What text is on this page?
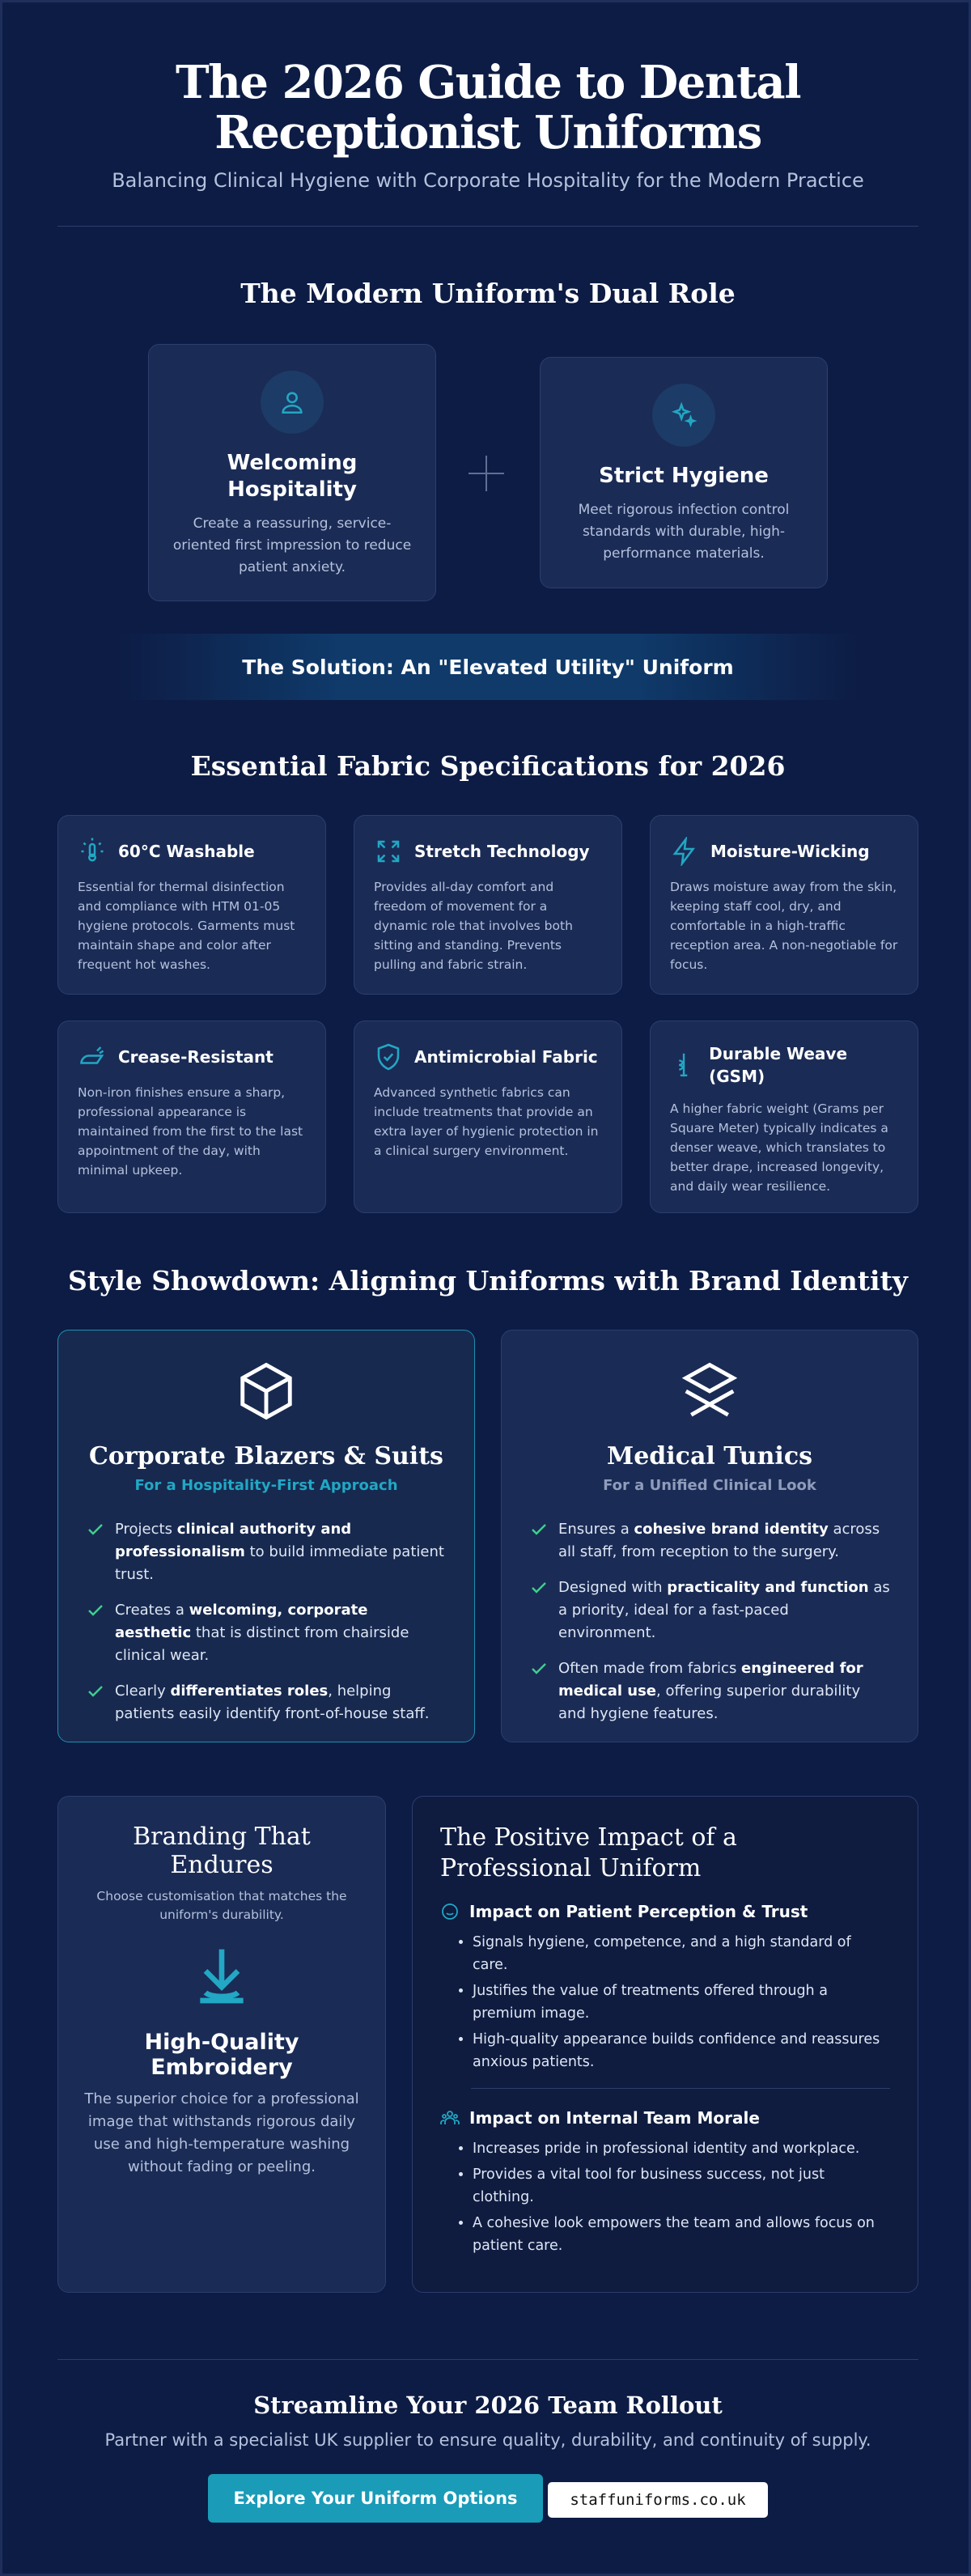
The 2026 Guide to Dental Receptionist Uniforms

Balancing Clinical Hygiene with Corporate Hospitality for the Modern Practice

The Modern Uniform's Dual Role
Welcoming Hospitality

Create a reassuring, service-oriented first impression to reduce patient anxiety.

Strict Hygiene

Meet rigorous infection control standards with durable, high-performance materials.

The Solution: An "Elevated Utility" Uniform
Essential Fabric Specifications for 2026
60°C Washable

Essential for thermal disinfection and compliance with HTM 01-05 hygiene protocols. Garments must maintain shape and color after frequent hot washes.

Stretch Technology

Provides all-day comfort and freedom of movement for a dynamic role that involves both sitting and standing. Prevents pulling and fabric strain.

Moisture-Wicking

Draws moisture away from the skin, keeping staff cool, dry, and comfortable in a high-traffic reception area. A non-negotiable for focus.

Crease-Resistant

Non-iron finishes ensure a sharp, professional appearance is maintained from the first to the last appointment of the day, with minimal upkeep.

Antimicrobial Fabric

Advanced synthetic fabrics can include treatments that provide an extra layer of hygienic protection in a clinical surgery environment.

Durable Weave (GSM)

A higher fabric weight (Grams per Square Meter) typically indicates a denser weave, which translates to better drape, increased longevity, and daily wear resilience.

Style Showdown: Aligning Uniforms with Brand Identity
Corporate Blazers & Suits
For a Hospitality-First Approach
Projects clinical authority and professionalism to build immediate patient trust.
Creates a welcoming, corporate aesthetic that is distinct from chairside clinical wear.
Clearly differentiates roles, helping patients easily identify front-of-house staff.
Medical Tunics
For a Unified Clinical Look
Ensures a cohesive brand identity across all staff, from reception to the surgery.
Designed with practicality and function as a priority, ideal for a fast-paced environment.
Often made from fabrics engineered for medical use, offering superior durability and hygiene features.
Branding That Endures
Choose customisation that matches the uniform's durability.
High-Quality Embroidery

The superior choice for a professional image that withstands rigorous daily use and high-temperature washing without fading or peeling.

The Positive Impact of a Professional Uniform
Impact on Patient Perception & Trust
• Signals hygiene, competence, and a high standard of care.
• Justifies the value of treatments offered through a premium image.
• High-quality appearance builds confidence and reassures anxious patients.
Impact on Internal Team Morale
• Increases pride in professional identity and workplace.
• Provides a vital tool for business success, not just clothing.
• A cohesive look empowers the team and allows focus on patient care.
Streamline Your 2026 Team Rollout

Partner with a specialist UK supplier to ensure quality, durability, and continuity of supply.

Explore Your Uniform Options	staffuniforms.co.uk
